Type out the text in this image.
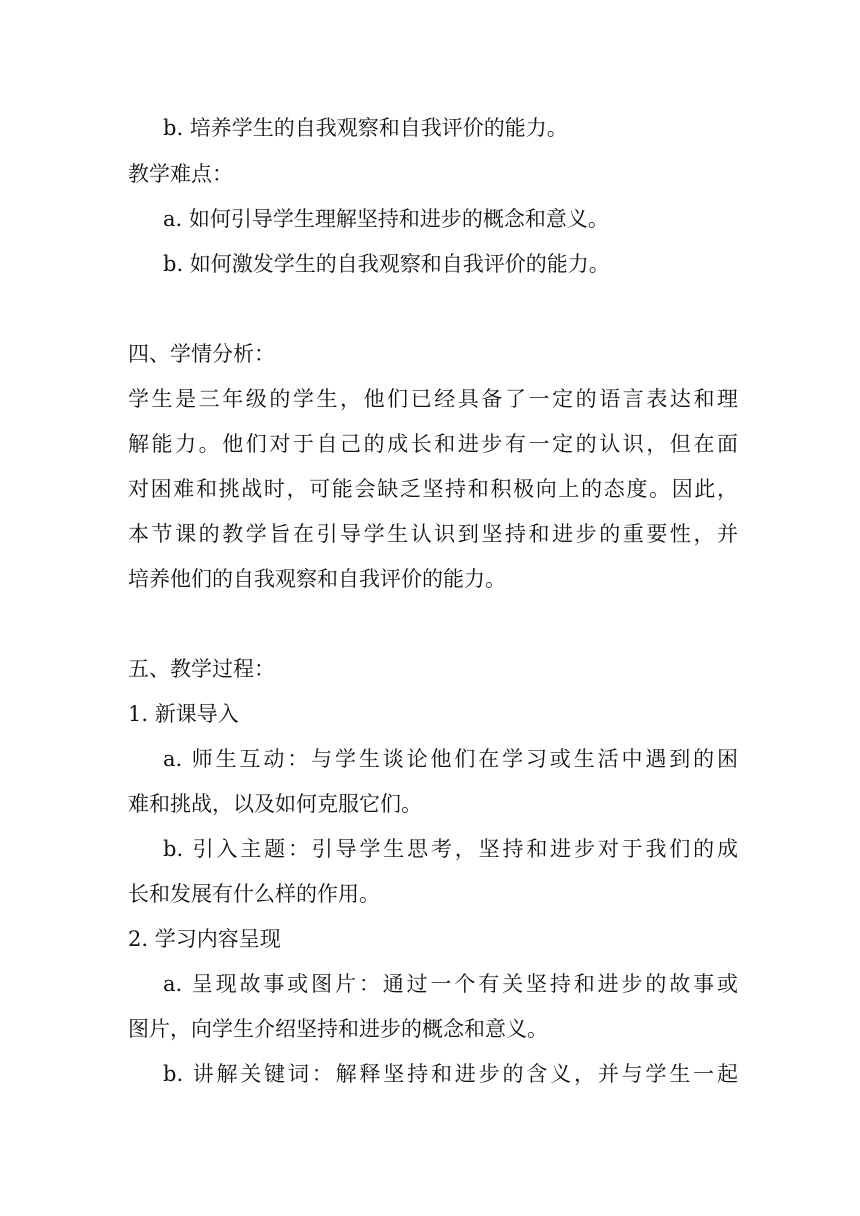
b. 培养学生的自我观察和自我评价的能力。
教学难点：
a. 如何引导学生理解坚持和进步的概念和意义。
b. 如何激发学生的自我观察和自我评价的能力。
四、学情分析：
学生是三年级的学生，他们已经具备了一定的语言表达和理
解能力。他们对于自己的成长和进步有一定的认识，但在面
对困难和挑战时，可能会缺乏坚持和积极向上的态度。因此，
本节课的教学旨在引导学生认识到坚持和进步的重要性，并
培养他们的自我观察和自我评价的能力。
五、教学过程：
1. 新课导入
a. 师生互动：与学生谈论他们在学习或生活中遇到的困
难和挑战，以及如何克服它们。
b. 引入主题：引导学生思考，坚持和进步对于我们的成
长和发展有什么样的作用。
2. 学习内容呈现
a. 呈现故事或图片：通过一个有关坚持和进步的故事或
图片，向学生介绍坚持和进步的概念和意义。
b. 讲解关键词：解释坚持和进步的含义，并与学生一起
